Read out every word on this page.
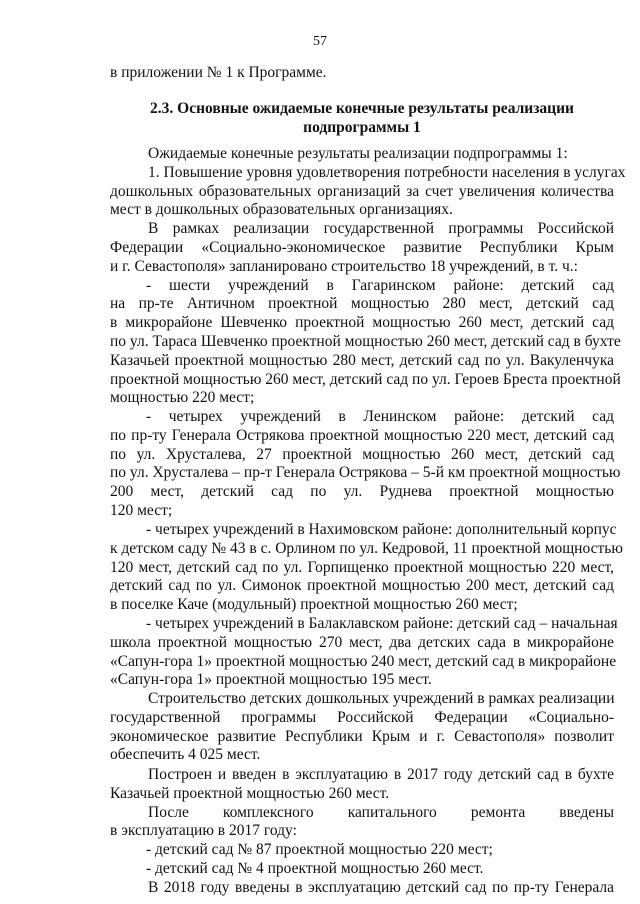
57
в приложении № 1 к Программе.
2.3. Основные ожидаемые конечные результаты реализации
подпрограммы 1
Ожидаемые конечные результаты реализации подпрограммы 1:
1. Повышение уровня удовлетворения потребности населения в услугах
дошкольных образовательных организаций за счет увеличения количества
мест в дошкольных образовательных организациях.
В рамках реализации государственной программы Российской
Федерации «Социально-экономическое развитие Республики Крым
и г. Севастополя» запланировано строительство 18 учреждений, в т. ч.:
- шести учреждений в Гагаринском районе: детский сад
на пр-те Античном проектной мощностью 280 мест, детский сад
в микрорайоне Шевченко проектной мощностью 260 мест, детский сад
по ул. Тараса Шевченко проектной мощностью 260 мест, детский сад в бухте
Казачьей проектной мощностью 280 мест, детский сад по ул. Вакуленчука
проектной мощностью 260 мест, детский сад по ул. Героев Бреста проектной
мощностью 220 мест;
- четырех учреждений в Ленинском районе: детский сад
по пр-ту Генерала Острякова проектной мощностью 220 мест, детский сад
по ул. Хрусталева, 27 проектной мощностью 260 мест, детский сад
по ул. Хрусталева – пр-т Генерала Острякова – 5-й км проектной мощностью
200 мест, детский сад по ул. Руднева проектной мощностью
120 мест;
- четырех учреждений в Нахимовском районе: дополнительный корпус
к детском саду № 43 в с. Орлином по ул. Кедровой, 11 проектной мощностью
120 мест, детский сад по ул. Горпищенко проектной мощностью 220 мест,
детский сад по ул. Симонок проектной мощностью 200 мест, детский сад
в поселке Каче (модульный) проектной мощностью 260 мест;
- четырех учреждений в Балаклавском районе: детский сад – начальная
школа проектной мощностью 270 мест, два детских сада в микрорайоне
«Сапун-гора 1» проектной мощностью 240 мест, детский сад в микрорайоне
«Сапун-гора 1» проектной мощностью 195 мест.
Строительство детских дошкольных учреждений в рамках реализации
государственной программы Российской Федерации «Социально-
экономическое развитие Республики Крым и г. Севастополя» позволит
обеспечить 4 025 мест.
Построен и введен в эксплуатацию в 2017 году детский сад в бухте
Казачьей проектной мощностью 260 мест.
После комплексного капитального ремонта введены
в эксплуатацию в 2017 году:
- детский сад № 87 проектной мощностью 220 мест;
- детский сад № 4 проектной мощностью 260 мест.
В 2018 году введены в эксплуатацию детский сад по пр-ту Генерала
